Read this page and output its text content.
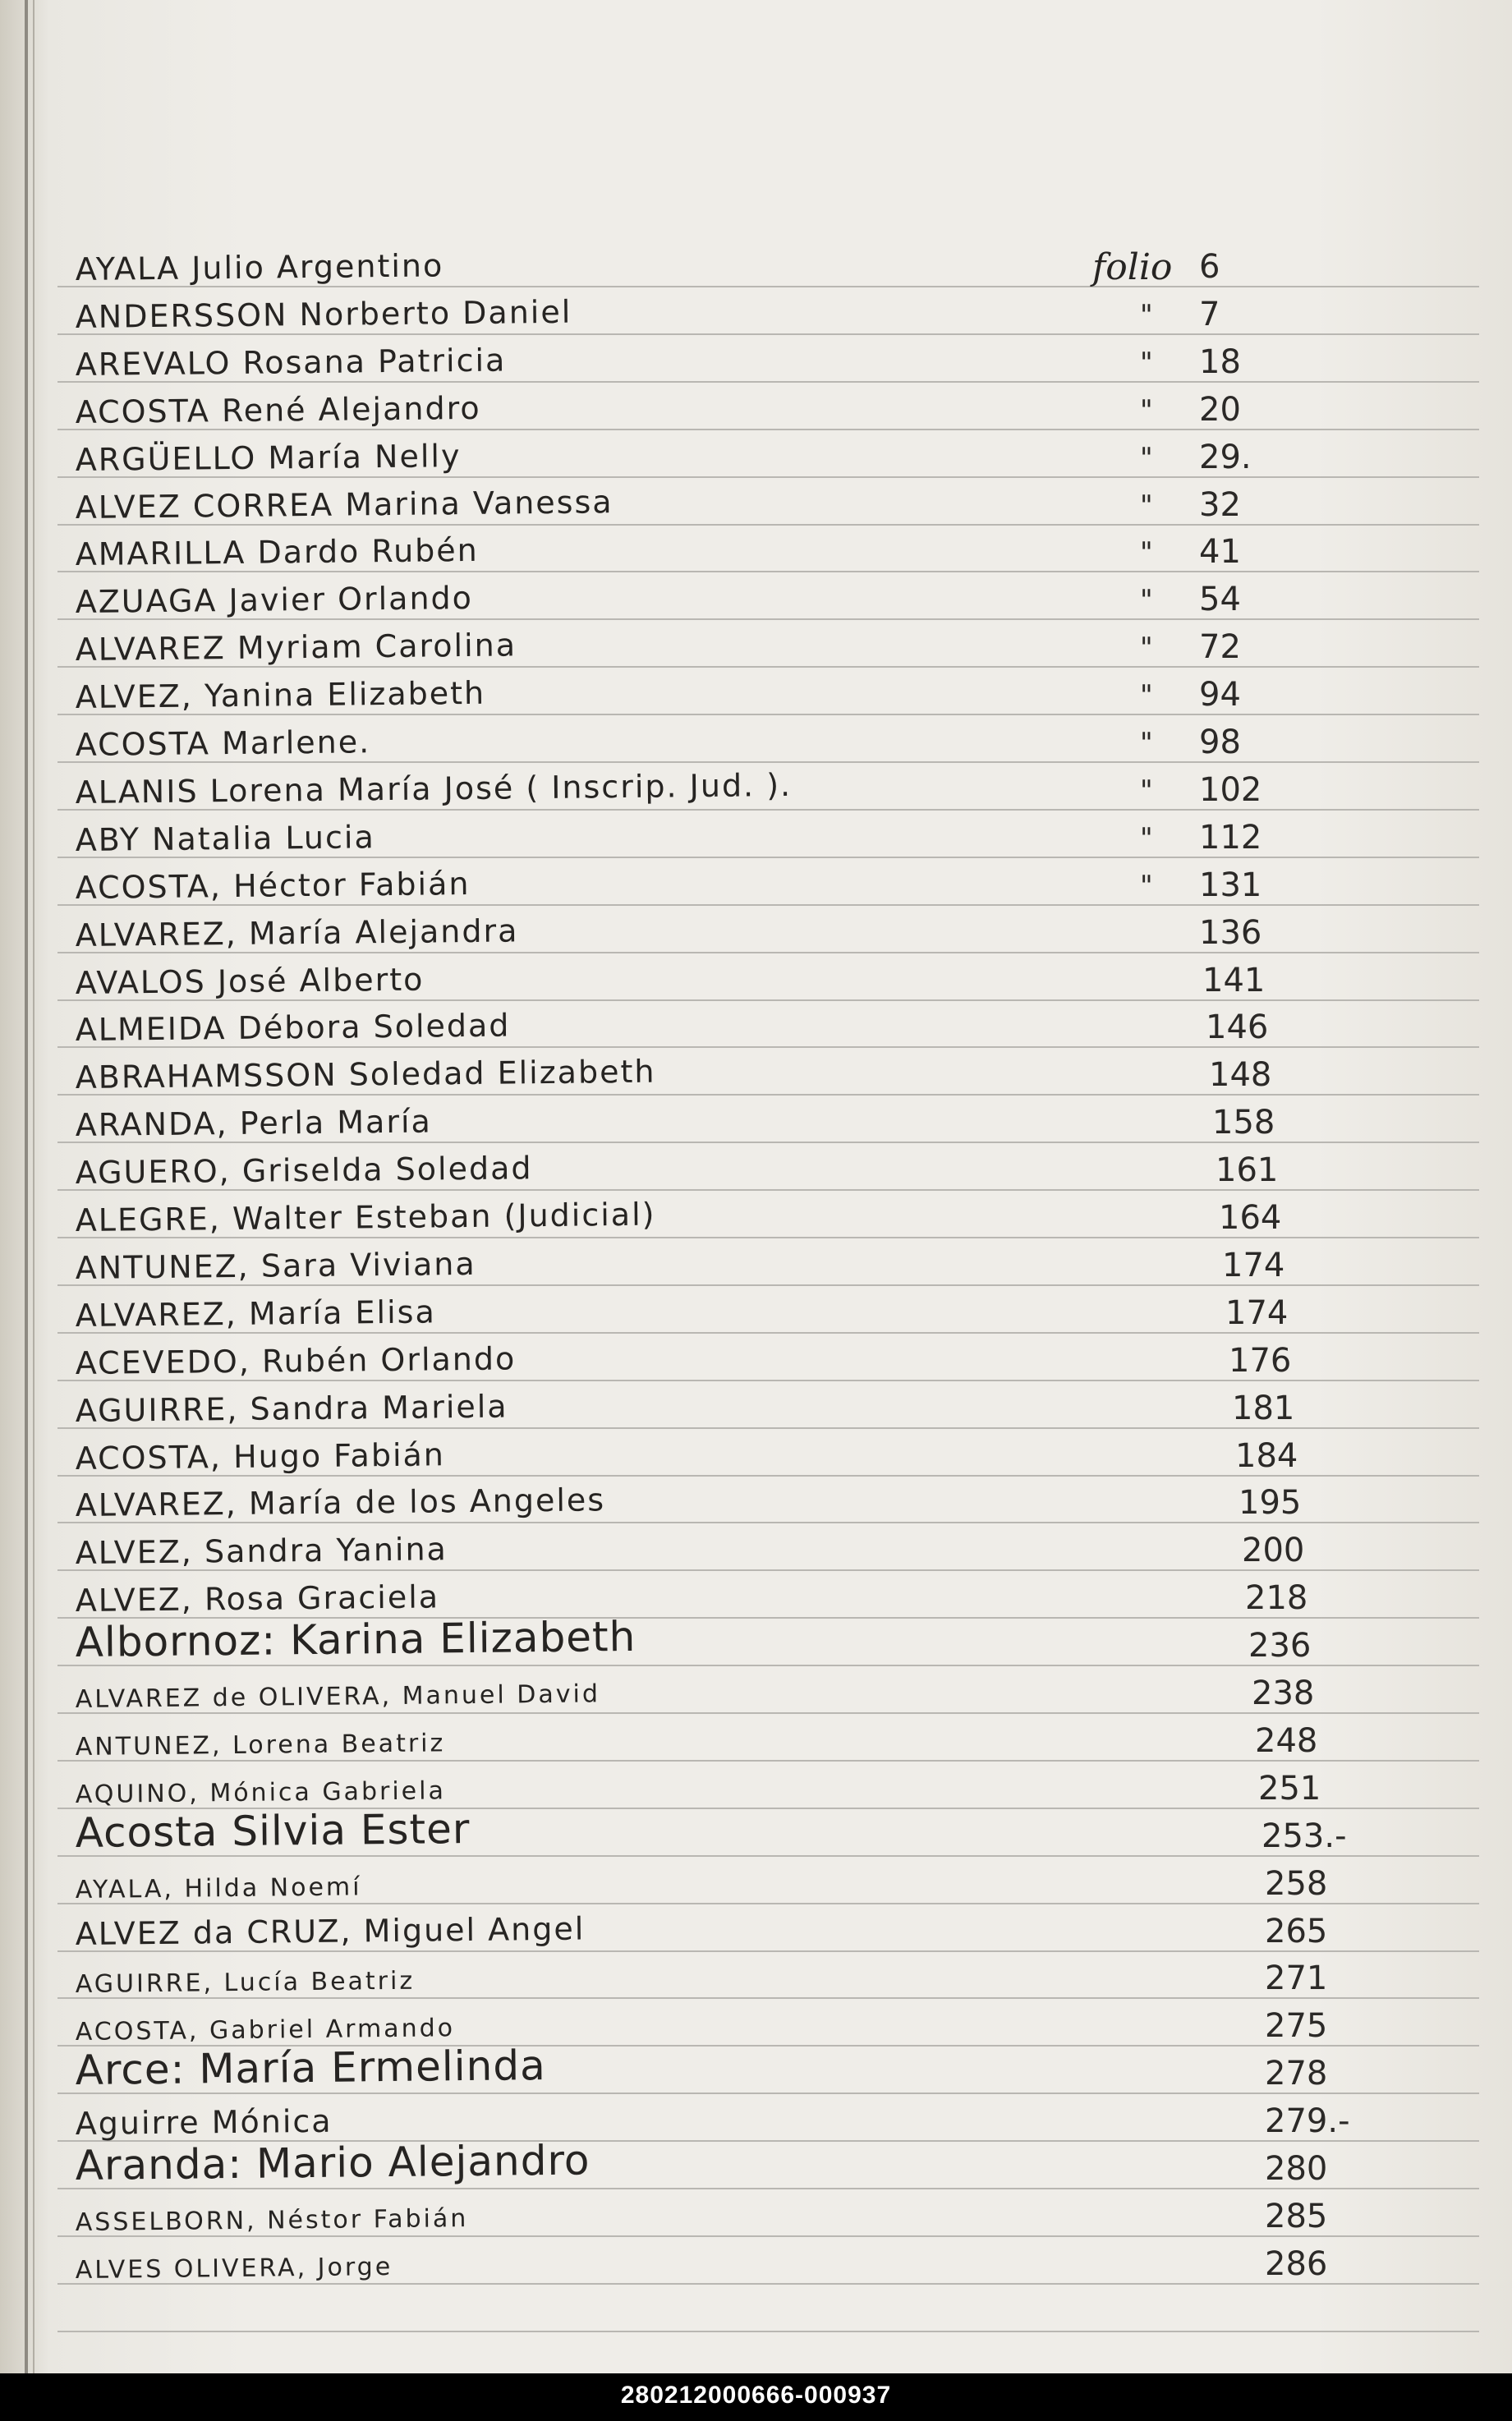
folio
AYALA Julio Argentino	6
ANDERSSON Norberto Daniel	" 7
AREVALO Rosana Patricia	" 18
ACOSTA René Alejandro	" 20
ARGÜELLO María Nelly	" 29.
ALVEZ CORREA Marina Vanessa	" 32
AMARILLA Dardo Rubén	" 41
AZUAGA Javier Orlando	" 54
ALVAREZ Myriam Carolina	" 72
ALVEZ, Yanina Elizabeth	" 94
ACOSTA Marlene.	" 98
ALANIS Lorena María José ( Inscrip. Jud. ).	" 102
ABY Natalia Lucia	" 112
ACOSTA, Héctor Fabián	" 131
ALVAREZ, María Alejandra	136
AVALOS José Alberto	141
ALMEIDA Débora Soledad	146
ABRAHAMSSON Soledad Elizabeth	148
ARANDA, Perla María	158
AGUERO, Griselda Soledad	161
ALEGRE, Walter Esteban (Judicial)	164
ANTUNEZ, Sara Viviana	174
ALVAREZ, María Elisa	174
ACEVEDO, Rubén Orlando	176
AGUIRRE, Sandra Mariela	181
ACOSTA, Hugo Fabián	184
ALVAREZ, María de los Angeles	195
ALVEZ, Sandra Yanina	200
ALVEZ, Rosa Graciela	218
Albornoz: Karina Elizabeth	236
ALVAREZ de OLIVERA, Manuel David	238
ANTUNEZ, Lorena Beatriz	248
AQUINO, Mónica Gabriela	251
Acosta Silvia Ester	253.-
AYALA, Hilda Noemí	258
ALVEZ da CRUZ, Miguel Angel	265
AGUIRRE, Lucía Beatriz	271
ACOSTA, Gabriel Armando	275
Arce: María Ermelinda	278
Aguirre Mónica	279.-
Aranda: Mario Alejandro	280
ASSELBORN, Néstor Fabián	285
ALVES OLIVERA, Jorge	286
280212000666-000937
